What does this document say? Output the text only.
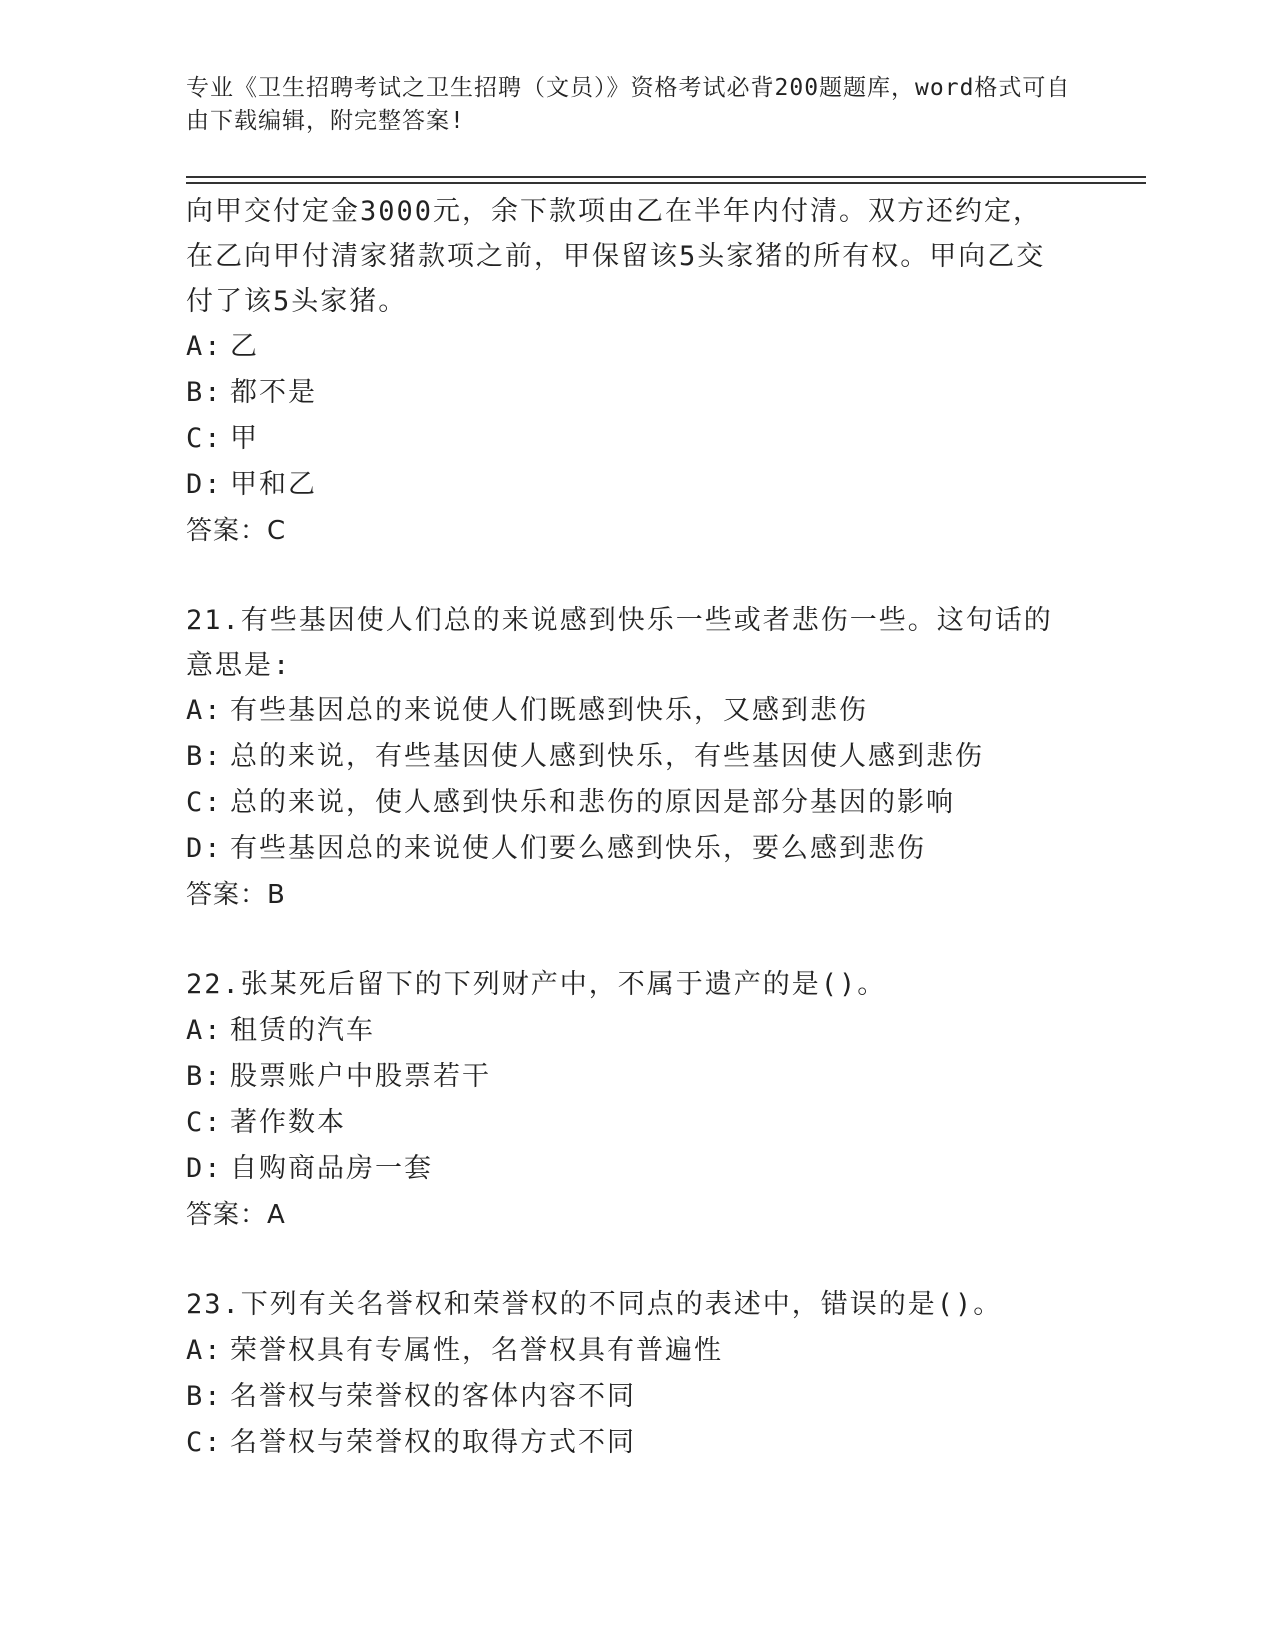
专业《卫生招聘考试之卫生招聘（文员）》资格考试必背200题题库，word格式可自由下载编辑，附完整答案!
向甲交付定金3000元，余下款项由乙在半年内付清。双方还约定，在乙向甲付清家猪款项之前，甲保留该5头家猪的所有权。甲向乙交付了该5头家猪。
A: 乙
B: 都不是
C: 甲
D: 甲和乙
答案：C
21.有些基因使人们总的来说感到快乐一些或者悲伤一些。这句话的意思是:
A: 有些基因总的来说使人们既感到快乐，又感到悲伤
B: 总的来说，有些基因使人感到快乐，有些基因使人感到悲伤
C: 总的来说，使人感到快乐和悲伤的原因是部分基因的影响
D: 有些基因总的来说使人们要么感到快乐，要么感到悲伤
答案：B
22.张某死后留下的下列财产中，不属于遗产的是()。
A: 租赁的汽车
B: 股票账户中股票若干
C: 著作数本
D: 自购商品房一套
答案：A
23.下列有关名誉权和荣誉权的不同点的表述中，错误的是()。
A: 荣誉权具有专属性，名誉权具有普遍性
B: 名誉权与荣誉权的客体内容不同
C: 名誉权与荣誉权的取得方式不同
